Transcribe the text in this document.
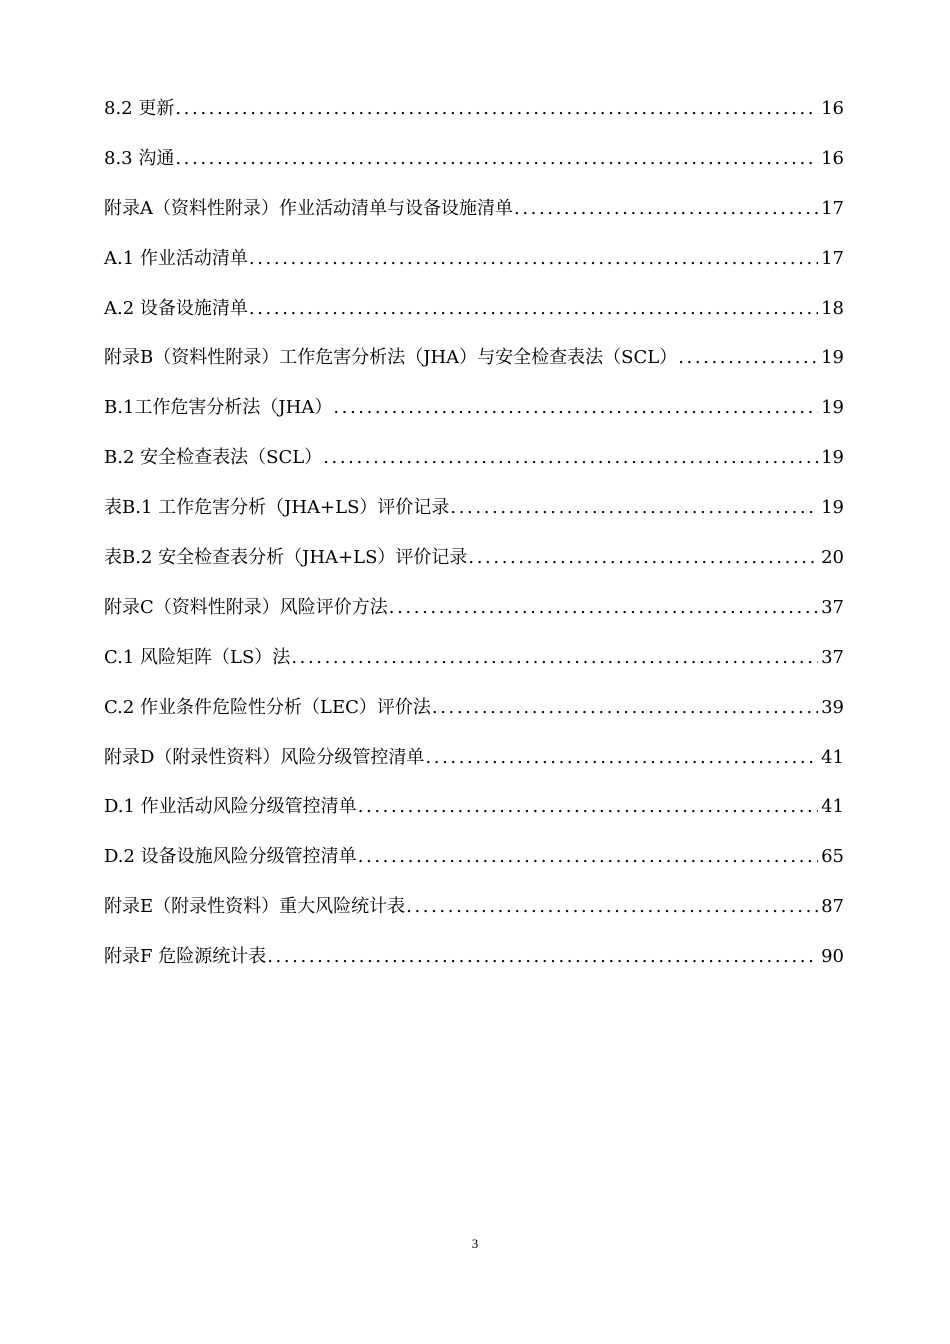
8.2 更新 .....	16
8.3 沟通 .....	16
附录A（资料性附录）作业活动清单与设备设施清单 .....	17
A.1 作业活动清单 .....	17
A.2 设备设施清单 .....	18
附录B（资料性附录）工作危害分析法（JHA）与安全检查表法（SCL） .....	19
B.1工作危害分析法（JHA） .....	19
B.2 安全检查表法（SCL） .....	19
表B.1 工作危害分析（JHA+LS）评价记录 .....	19
表B.2 安全检查表分析（JHA+LS）评价记录 .....	20
附录C（资料性附录）风险评价方法 .....	37
C.1 风险矩阵（LS）法 .....	37
C.2 作业条件危险性分析（LEC）评价法 .....	39
附录D（附录性资料）风险分级管控清单 .....	41
D.1 作业活动风险分级管控清单 .....	41
D.2 设备设施风险分级管控清单 .....	65
附录E（附录性资料）重大风险统计表 .....	87
附录F 危险源统计表 .....	90
3
